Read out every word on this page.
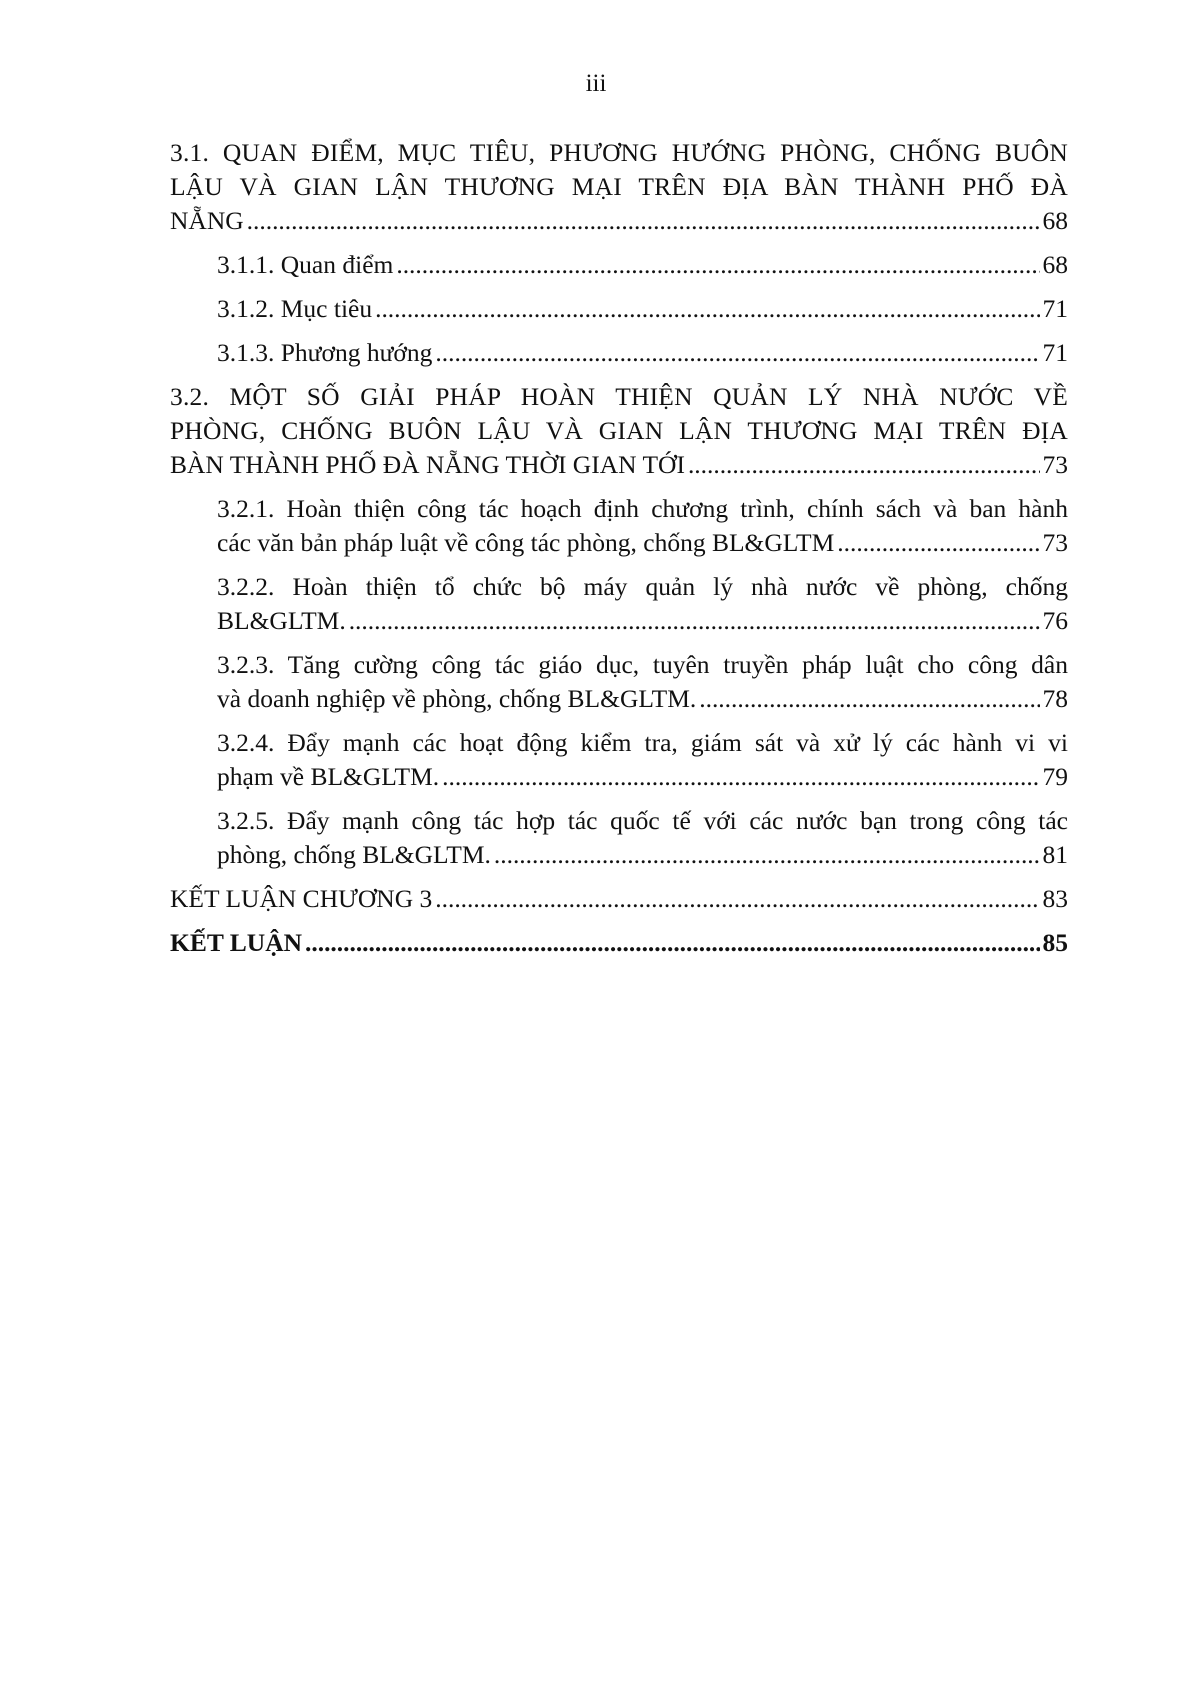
iii
3.1. QUAN ĐIỂM, MỤC TIÊU, PHƯƠNG HƯỚNG PHÒNG, CHỐNG BUÔN
LẬU VÀ GIAN LẬN THƯƠNG MẠI TRÊN ĐỊA BÀN THÀNH PHỐ ĐÀ
NẴNG . . .	68
3.1.1. Quan điểm . . .	68
3.1.2. Mục tiêu . . .	71
3.1.3. Phương hướng . . .	71
3.2. MỘT SỐ GIẢI PHÁP HOÀN THIỆN QUẢN LÝ NHÀ NƯỚC VỀ
PHÒNG, CHỐNG BUÔN LẬU VÀ GIAN LẬN THƯƠNG MẠI TRÊN ĐỊA
BÀN THÀNH PHỐ ĐÀ NẴNG THỜI GIAN TỚI . . .	73
3.2.1. Hoàn thiện công tác hoạch định chương trình, chính sách và ban hành
các văn bản pháp luật về công tác phòng, chống BL&GLTM . . .	73
3.2.2. Hoàn thiện tổ chức bộ máy quản lý nhà nước về phòng, chống
BL&GLTM. . . .	76
3.2.3. Tăng cường công tác giáo dục, tuyên truyền pháp luật cho công dân
và doanh nghiệp về phòng, chống BL&GLTM. . . .	78
3.2.4. Đẩy mạnh các hoạt động kiểm tra, giám sát và xử lý các hành vi vi
phạm về BL&GLTM. . . .	79
3.2.5. Đẩy mạnh công tác hợp tác quốc tế với các nước bạn trong công tác
phòng, chống BL&GLTM. . . .	81
KẾT LUẬN CHƯƠNG 3 . . .	83
KẾT LUẬN . . .	85
